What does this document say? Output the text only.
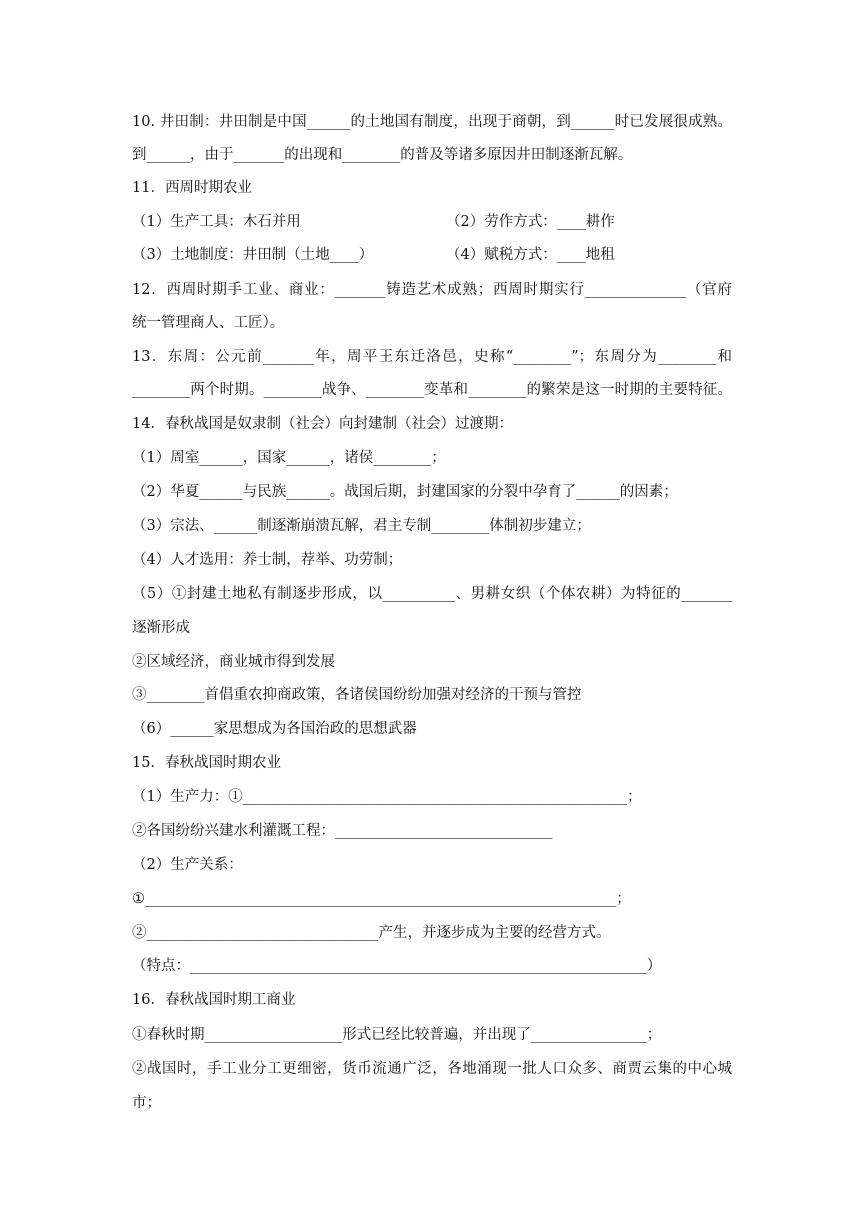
10. 井田制：井田制是中国______的土地国有制度，出现于商朝，到______时已发展很成熟。
到______，由于_______的出现和________的普及等诸多原因井田制逐渐瓦解。
11．西周时期农业
（1）生产工具：木石并用	（2）劳作方式：____耕作
（3）土地制度：井田制（土地____）	（4）赋税方式：____地租
12．西周时期手工业、商业：_______铸造艺术成熟；西周时期实行______________（官府
统一管理商人、工匠）。
13．东周：公元前_______年，周平王东迁洛邑，史称“________”；东周分为________和
________两个时期。________战争、________变革和________的繁荣是这一时期的主要特征。
14．春秋战国是奴隶制（社会）向封建制（社会）过渡期：
（1）周室______，国家______，诸侯________；
（2）华夏______与民族______。战国后期，封建国家的分裂中孕育了______的因素；
（3）宗法、______制逐渐崩溃瓦解，君主专制________体制初步建立；
（4）人才选用：养士制，荐举、功劳制；
（5）①封建土地私有制逐步形成，以__________、男耕女织（个体农耕）为特征的_______
逐渐形成
②区域经济，商业城市得到发展
③________首倡重农抑商政策，各诸侯国纷纷加强对经济的干预与管控
（6）______家思想成为各国治政的思想武器
15．春秋战国时期农业
（1）生产力：①_____________________________________________________；
②各国纷纷兴建水利灌溉工程：______________________________
（2）生产关系：
①_________________________________________________________________；
②________________________________产生，并逐步成为主要的经营方式。
（特点：_______________________________________________________________）
16．春秋战国时期工商业
①春秋时期___________________形式已经比较普遍，并出现了________________；
②战国时，手工业分工更细密，货币流通广泛，各地涌现一批人口众多、商贾云集的中心城
市；
